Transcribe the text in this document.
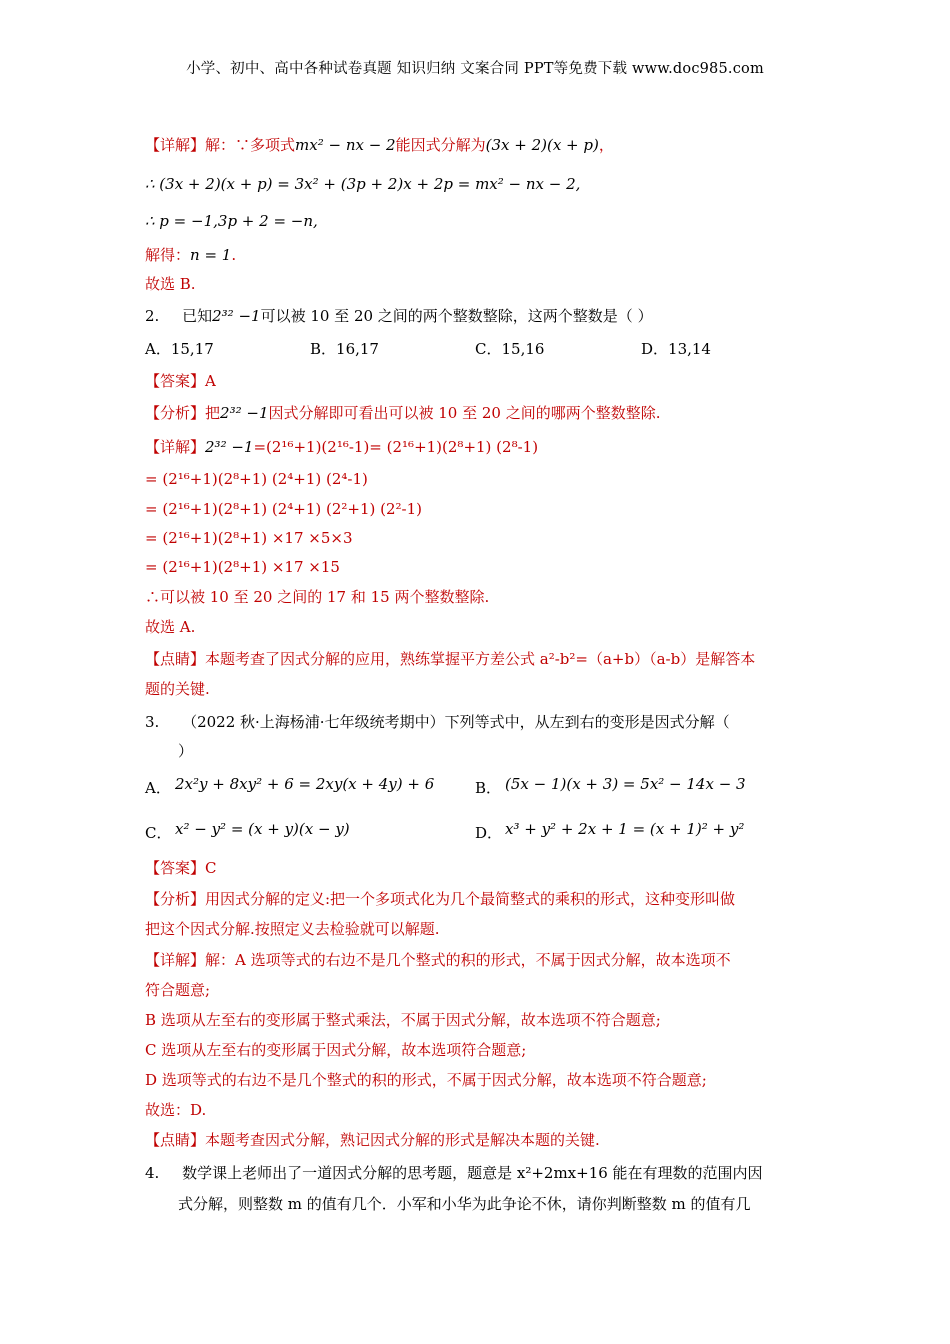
小学、初中、高中各种试卷真题 知识归纳 文案合同 PPT等免费下载 www.doc985.com
【详解】解：∵多项式mx² − nx − 2能因式分解为(3x + 2)(x + p)，
∴ (3x + 2)(x + p) = 3x² + (3p + 2)x + 2p = mx² − nx − 2,
∴ p = −1,3p + 2 = −n,
解得：n = 1.
故选 B.
2. 已知2³² −1可以被 10 至 20 之间的两个整数整除，这两个整数是（ ）
A．15,17	B．16,17	C．15,16	D．13,14
【答案】A
【分析】把2³² −1因式分解即可看出可以被 10 至 20 之间的哪两个整数整除.
【详解】2³² −1=(2¹⁶+1)(2¹⁶-1)= (2¹⁶+1)(2⁸+1) (2⁸-1)
= (2¹⁶+1)(2⁸+1) (2⁴+1) (2⁴-1)
= (2¹⁶+1)(2⁸+1) (2⁴+1) (2²+1) (2²-1)
= (2¹⁶+1)(2⁸+1) ×17 ×5×3
= (2¹⁶+1)(2⁸+1) ×17 ×15
∴可以被 10 至 20 之间的 17 和 15 两个整数整除.
故选 A.
【点睛】本题考查了因式分解的应用，熟练掌握平方差公式 a²-b²=（a+b）（a-b）是解答本
题的关键.
3. （2022 秋·上海杨浦·七年级统考期中）下列等式中，从左到右的变形是因式分解（
）
A． 2x²y + 8xy² + 6 = 2xy(x + 4y) + 6	B． (5x − 1)(x + 3) = 5x² − 14x − 3
C． x² − y² = (x + y)(x − y)	D． x³ + y² + 2x + 1 = (x + 1)² + y²
【答案】C
【分析】用因式分解的定义:把一个多项式化为几个最简整式的乘积的形式，这种变形叫做
把这个因式分解.按照定义去检验就可以解题.
【详解】解：A 选项等式的右边不是几个整式的积的形式，不属于因式分解，故本选项不
符合题意;
B 选项从左至右的变形属于整式乘法，不属于因式分解，故本选项不符合题意;
C 选项从左至右的变形属于因式分解，故本选项符合题意;
D 选项等式的右边不是几个整式的积的形式，不属于因式分解，故本选项不符合题意;
故选：D.
【点睛】本题考查因式分解，熟记因式分解的形式是解决本题的关键.
4. 数学课上老师出了一道因式分解的思考题，题意是 x²+2mx+16 能在有理数的范围内因
式分解，则整数 m 的值有几个．小军和小华为此争论不休，请你判断整数 m 的值有几
